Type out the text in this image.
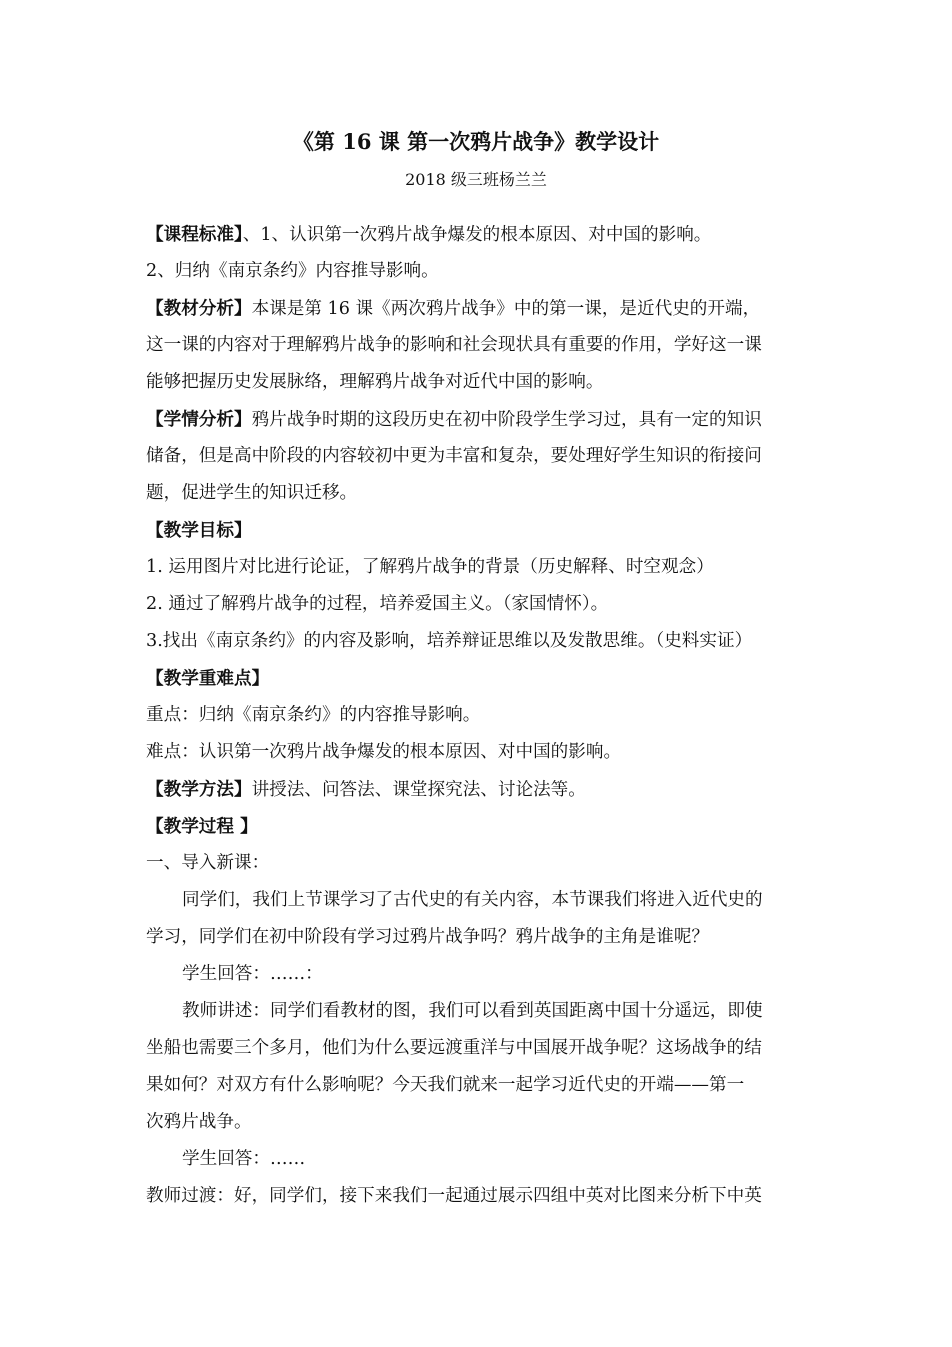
《第 16 课 第一次鸦片战争》教学设计
2018 级三班杨兰兰
【课程标准】、1、认识第一次鸦片战争爆发的根本原因、对中国的影响。
2、归纳《南京条约》内容推导影响。
【教材分析】本课是第 16 课《两次鸦片战争》中的第一课，是近代史的开端，
这一课的内容对于理解鸦片战争的影响和社会现状具有重要的作用，学好这一课
能够把握历史发展脉络，理解鸦片战争对近代中国的影响。
【学情分析】鸦片战争时期的这段历史在初中阶段学生学习过，具有一定的知识
储备，但是高中阶段的内容较初中更为丰富和复杂，要处理好学生知识的衔接问
题，促进学生的知识迁移。
【教学目标】
1. 运用图片对比进行论证，了解鸦片战争的背景（历史解释、时空观念）
2. 通过了解鸦片战争的过程，培养爱国主义。（家国情怀）。
3.找出《南京条约》的内容及影响，培养辩证思维以及发散思维。（史料实证）
【教学重难点】
重点：归纳《南京条约》的内容推导影响。
难点：认识第一次鸦片战争爆发的根本原因、对中国的影响。
【教学方法】讲授法、问答法、课堂探究法、讨论法等。
【教学过程 】
一、导入新课：
同学们，我们上节课学习了古代史的有关内容，本节课我们将进入近代史的
学习，同学们在初中阶段有学习过鸦片战争吗？鸦片战争的主角是谁呢？
学生回答：……：
教师讲述：同学们看教材的图，我们可以看到英国距离中国十分遥远，即使
坐船也需要三个多月，他们为什么要远渡重洋与中国展开战争呢？这场战争的结
果如何？对双方有什么影响呢？今天我们就来一起学习近代史的开端——第一
次鸦片战争。
学生回答：……
教师过渡：好，同学们，接下来我们一起通过展示四组中英对比图来分析下中英
